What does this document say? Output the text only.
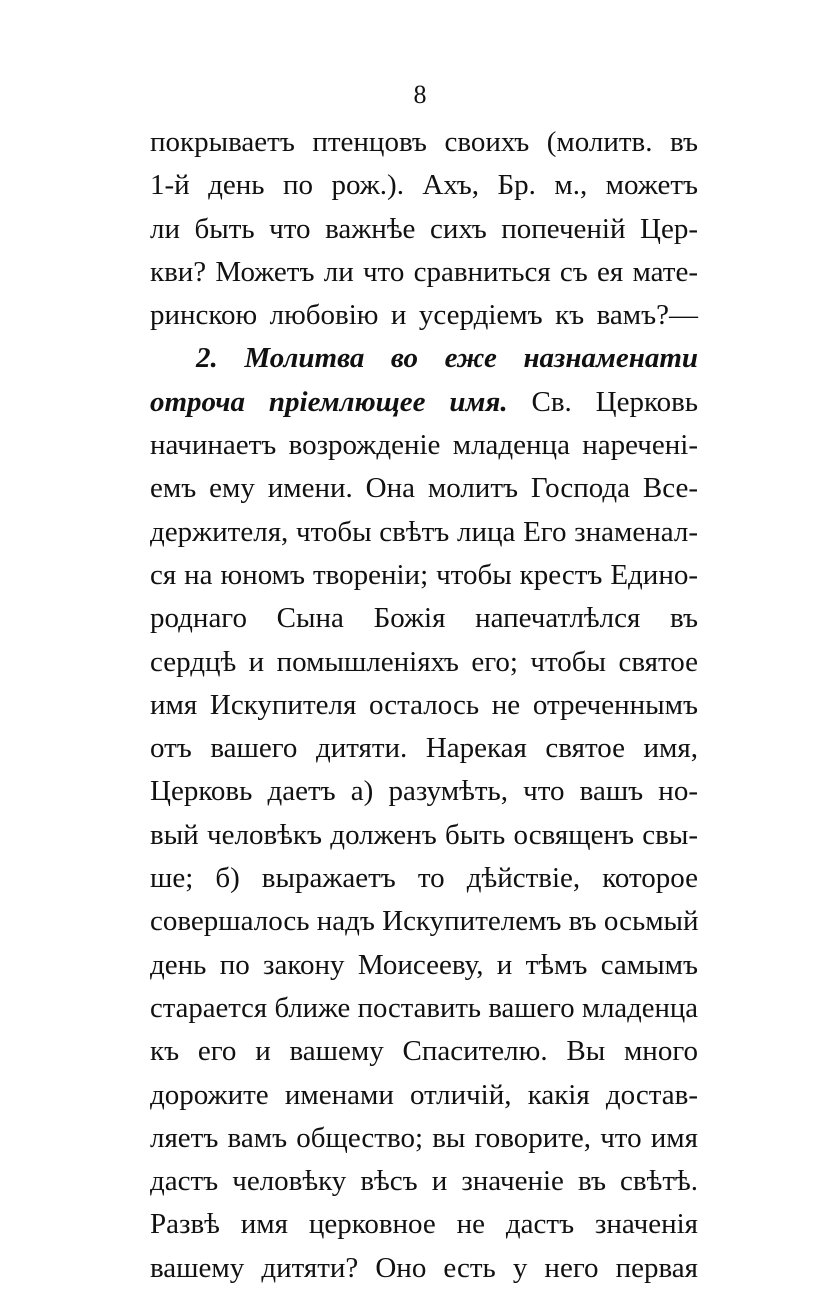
8
покрываетъ птенцовъ своихъ (молитв. въ
1-й день по рож.). Ахъ, Бр. м., можетъ
ли быть что важнѣе сихъ попеченій Цер-
кви? Можетъ ли что сравниться съ ея матe-
ринскою любовію и усердіемъ къ вамъ?—
2. Молитва во еже назнаменати
отроча пріемлющее имя. Св. Церковь
начинаетъ возрожденіе младенца нареченi-
емъ ему имени. Она молитъ Господа Все-
держителя, чтобы свѣтъ лица Его знаменал-
ся на юномъ твореніи; чтобы крестъ Едино-
роднаго Сына Божія напечатлѣлся въ
сердцѣ и помышленіяхъ его; чтобы святое
имя Искупителя осталось не отреченнымъ
отъ вашего дитяти. Нарекая святое имя,
Церковь даетъ а) разумѣть, что вашъ но-
вый человѣкъ долженъ быть освященъ свы-
ше; б) выражаетъ то дѣйствіе, которое
совершалось надъ Искупителемъ въ осьмый
день по закону Моисееву, и тѣмъ самымъ
старается ближе поставить вашего младенца
къ его и вашему Спасителю. Вы много
дорожите именами отличій, какія достав-
ляетъ вамъ общество; вы говорите, что имя
дастъ человѣку вѣсъ и значеніе въ свѣтѣ.
Развѣ имя церковное не дастъ значенія
вашему дитяти? Оно есть у него первая
